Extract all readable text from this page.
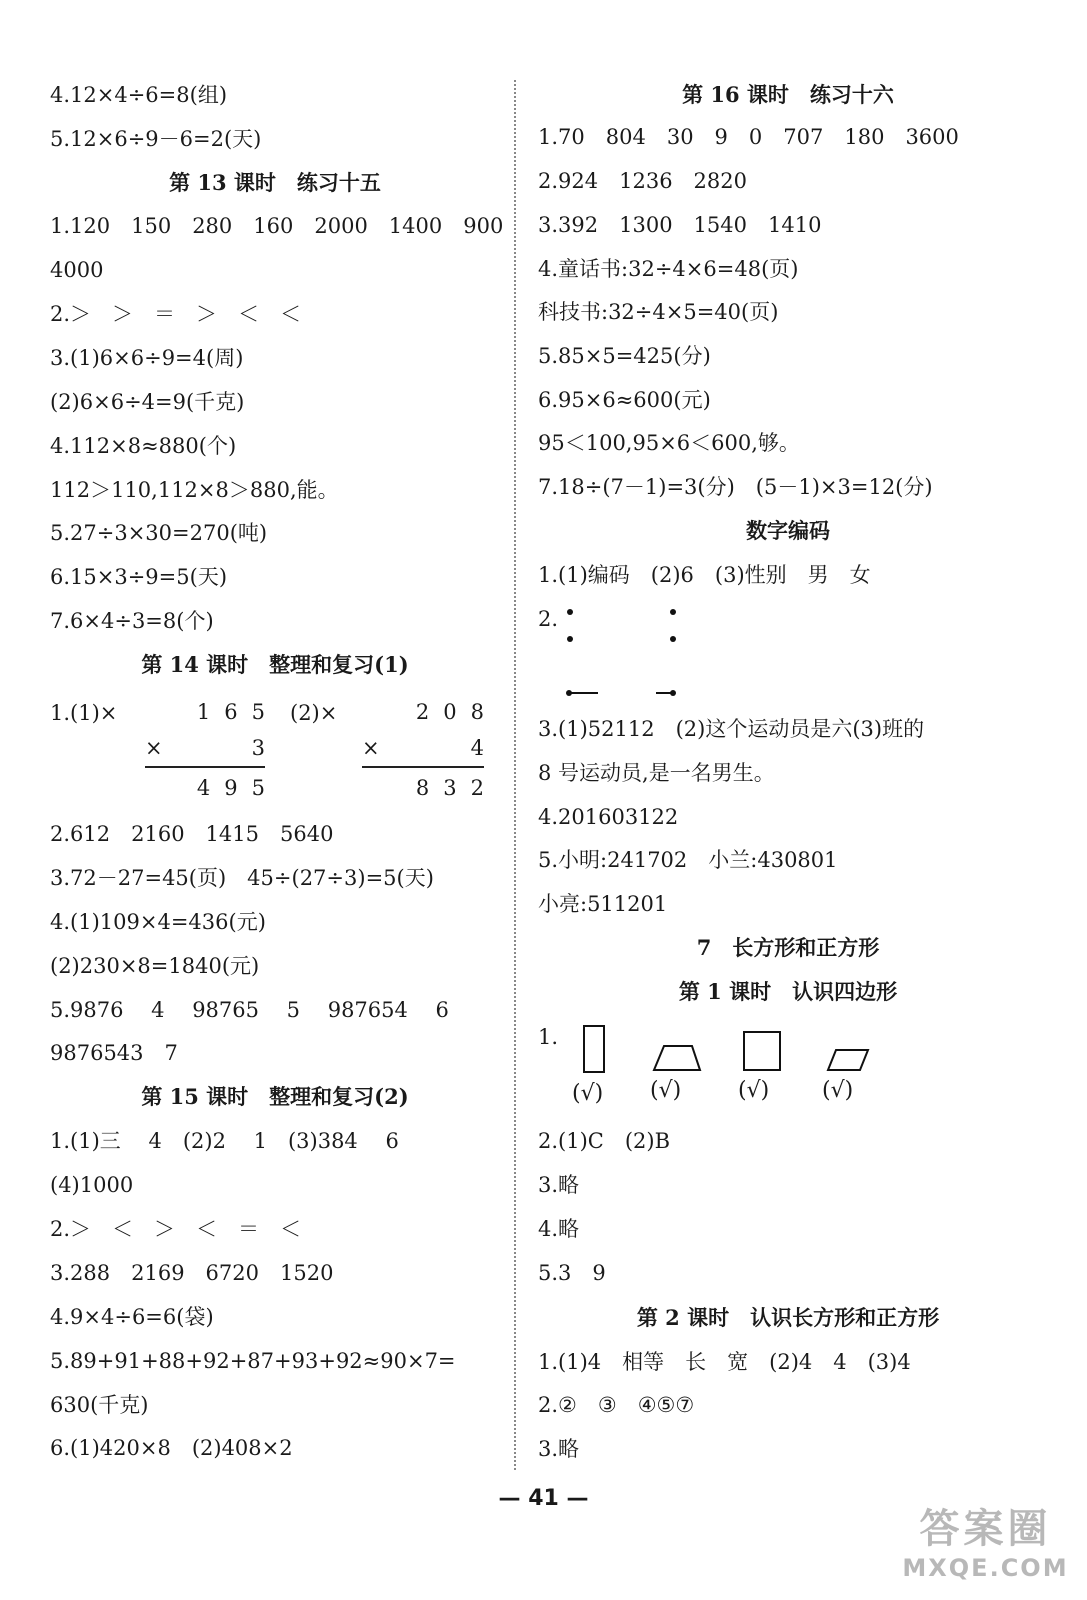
4.12×4÷6=8(组)
5.12×6÷9－6=2(天)
第 13 课时　练习十五
1.120　150　280　160　2000　1400　900
4000
2.＞　＞　＝　＞　＜　＜
3.(1)6×6÷9=4(周)
(2)6×6÷4=9(千克)
4.112×8≈880(个)
112＞110,112×8＞880,能。
5.27÷3×30=270(吨)
6.15×3÷9=5(天)
7.6×4÷3=8(个)
第 14 课时　整理和复习(1)
1.(1)×	1 6 5
×	3
4 9 5
(2)×	2 0 8
×	4
8 3 2
2.612　2160　1415　5640
3.72－27=45(页)　45÷(27÷3)=5(天)
4.(1)109×4=436(元)
(2)230×8=1840(元)
5.9876　 4　 98765　 5　 987654　 6
9876543　7
第 15 课时　整理和复习(2)
1.(1)三　 4　(2)2　 1　(3)384　 6
(4)1000
2.＞　＜　＞　＜　＝　＜
3.288　2169　6720　1520
4.9×4÷6=6(袋)
5.89+91+88+92+87+93+92≈90×7=
630(千克)
6.(1)420×8　(2)408×2
第 16 课时　练习十六
1.70　804　30　9　0　707　180　3600
2.924　1236　2820
3.392　1300　1540　1410
4.童话书:32÷4×6=48(页)
科技书:32÷4×5=40(页)
5.85×5=425(分)
6.95×6≈600(元)
95＜100,95×6＜600,够。
7.18÷(7－1)=3(分)　(5－1)×3=12(分)
数字编码
1.(1)编码　(2)6　(3)性别　男　女
2.
3.(1)52112　(2)这个运动员是六(3)班的
8 号运动员,是一名男生。
4.201603122
5.小明:241702　小兰:430801
小亮:511201
7　长方形和正方形
第 1 课时　认识四边形
1.
(√) (√)	(√) (√)
2.(1)C　(2)B
3.略
4.略
5.3　9
第 2 课时　认识长方形和正方形
1.(1)4　相等　长　宽　(2)4　4　(3)4
2.②　③　④⑤⑦
3.略
— 41 —
答案圈
MXQE.COM
